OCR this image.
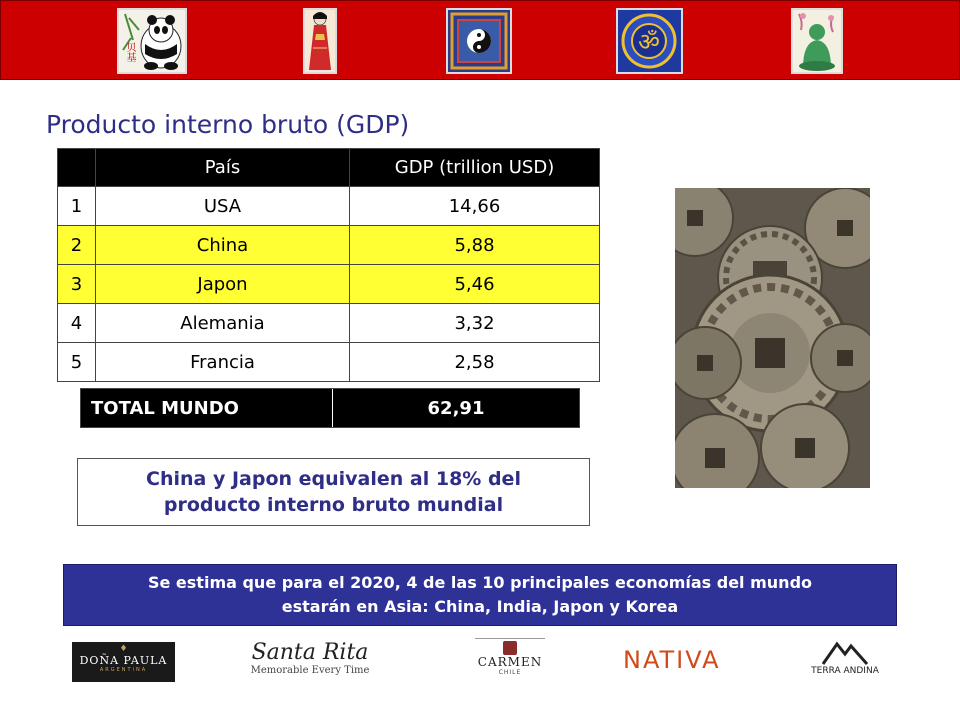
贝基	ॐ
Producto interno bruto (GDP)
	País	GDP (trillion USD)
1	USA	14,66
2	China	5,88
3	Japon	5,46
4	Alemania	3,32
5	Francia	2,58
TOTAL MUNDO	62,91
China y Japon equivalen al 18% del
producto interno bruto mundial
Se estima que para el 2020, 4 de las 10 principales economías del mundo
estarán en Asia: China, India, Japon y Korea
♦
DOÑA PAULA
ARGENTINA
Santa Rita
Memorable Every Time
CARMEN
CHILE	NATIVA	TERRA ANDINA
